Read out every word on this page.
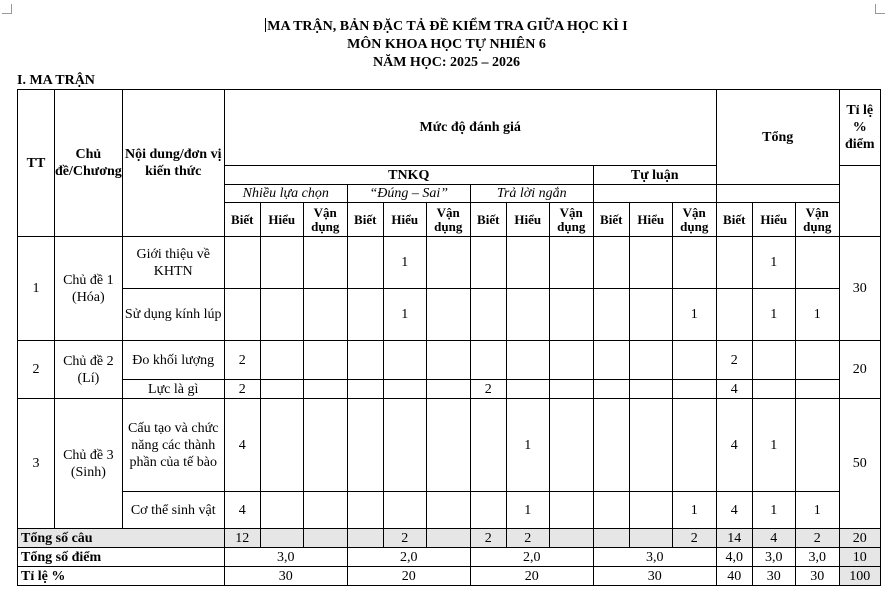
MA TRẬN, BẢN ĐẶC TẢ ĐỀ KIỂM TRA GIỮA HỌC KÌ I
MÔN KHOA HỌC TỰ NHIÊN 6
NĂM HỌC: 2025 – 2026
I. MA TRẬN
TT	Chủ đề/Chương	Nội dung/đơn vị kiến thức	Mức độ đánh giá												Tổng			Tỉ lệ % điểm
			TNKQ									Tự luận						
			Nhiều lựa chọn			“Đúng – Sai”			Trả lời ngắn									
			Biết	Hiểu	Vận dụng	Biết	Hiểu	Vận dụng	Biết	Hiểu	Vận dụng	Biết	Hiểu	Vận dụng	Biết	Hiểu	Vận dụng	
1	Chủ đề 1 (Hóa)	Giới thiệu về KHTN					1									1		30
		Sử dụng kính lúp					1							1		1	1	
2	Chủ đề 2 (Lí)	Đo khối lượng	2												2			20
		Lực là gì	2						2						4			
3	Chủ đề 3 (Sinh)	Cấu tạo và chức năng các thành phần của tế bào	4							1					4	1		50
		Cơ thể sinh vật	4							1				1	4	1	1	
Tổng số câu			12				2		2	2				2	14	4	2	20
Tổng số điểm			3,0			2,0			2,0			3,0			4,0	3,0	3,0	10
Tỉ lệ %			30			20			20			30			40	30	30	100
